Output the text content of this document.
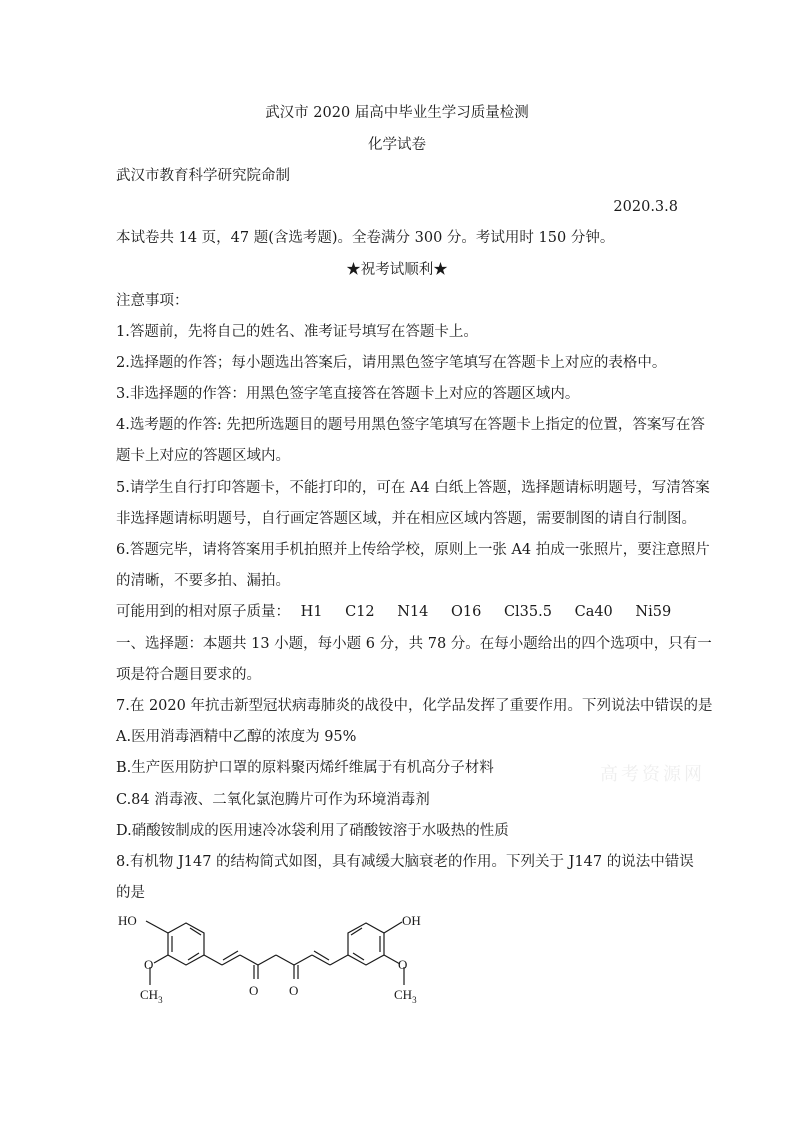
武汉市 2020 届高中毕业生学习质量检测
化学试卷
武汉市教育科学研究院命制
2020.3.8
本试卷共 14 页，47 题(含选考题)。全卷满分 300 分。考试用时 150 分钟。
★祝考试顺利★
注意事项：
1.答题前，先将自己的姓名、准考证号填写在答题卡上。
2.选择题的作答；每小题选出答案后，请用黑色签字笔填写在答题卡上对应的表格中。
3.非选择题的作答：用黑色签字笔直接答在答题卡上对应的答题区域内。
4.选考题的作答: 先把所选题目的题号用黑色签字笔填写在答题卡上指定的位置，答案写在答
题卡上对应的答题区域内。
5.请学生自行打印答题卡，不能打印的，可在 A4 白纸上答题，选择题请标明题号，写清答案
非选择题请标明题号，自行画定答题区域，并在相应区域内答题，需要制图的请自行制图。
6.答题完毕，请将答案用手机拍照并上传给学校，原则上一张 A4 拍成一张照片，要注意照片
的清晰，不要多拍、漏拍。
可能用到的相对原子质量： H1 C12 N14 O16 Cl35.5 Ca40 Ni59
一、选择题：本题共 13 小题，每小题 6 分，共 78 分。在每小题给出的四个选项中，只有一
项是符合题目要求的。
7.在 2020 年抗击新型冠状病毒肺炎的战役中，化学品发挥了重要作用。下列说法中错误的是
A.医用消毒酒精中乙醇的浓度为 95%
B.生产医用防护口罩的原料聚丙烯纤维属于有机高分子材料
C.84 消毒液、二氧化氯泡腾片可作为环境消毒剂
D.硝酸铵制成的医用速冷冰袋利用了硝酸铵溶于水吸热的性质
8.有机物 J147 的结构简式如图，具有减缓大脑衰老的作用。下列关于 J147 的说法中错误
的是
高考资源网
HO
O
$CH_3$
O O
OH
O
$CH_3$
